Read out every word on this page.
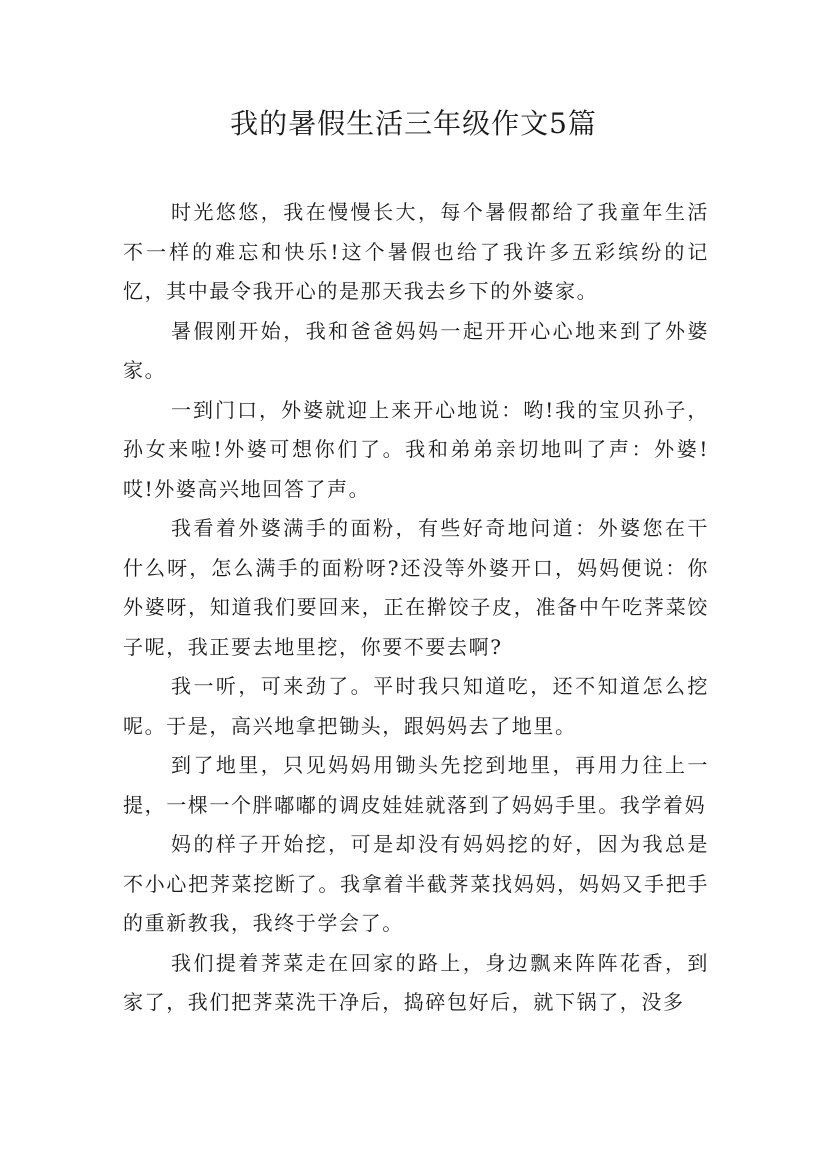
我的暑假生活三年级作文5篇

时光悠悠，我在慢慢长大，每个暑假都给了我童年生活不一样的难忘和快乐!这个暑假也给了我许多五彩缤纷的记忆，其中最令我开心的是那天我去乡下的外婆家。

暑假刚开始，我和爸爸妈妈一起开开心心地来到了外婆家。

一到门口，外婆就迎上来开心地说：哟!我的宝贝孙子，孙女来啦!外婆可想你们了。我和弟弟亲切地叫了声：外婆!哎!外婆高兴地回答了声。

我看着外婆满手的面粉，有些好奇地问道：外婆您在干什么呀，怎么满手的面粉呀?还没等外婆开口，妈妈便说：你外婆呀，知道我们要回来，正在擀饺子皮，准备中午吃荠菜饺子呢，我正要去地里挖，你要不要去啊?

我一听，可来劲了。平时我只知道吃，还不知道怎么挖呢。于是，高兴地拿把锄头，跟妈妈去了地里。

到了地里，只见妈妈用锄头先挖到地里，再用力往上一提，一棵一个胖嘟嘟的调皮娃娃就落到了妈妈手里。我学着妈

妈的样子开始挖，可是却没有妈妈挖的好，因为我总是不小心把荠菜挖断了。我拿着半截荠菜找妈妈，妈妈又手把手的重新教我，我终于学会了。

我们提着荠菜走在回家的路上，身边飘来阵阵花香，到家了，我们把荠菜洗干净后，捣碎包好后，就下锅了，没多
